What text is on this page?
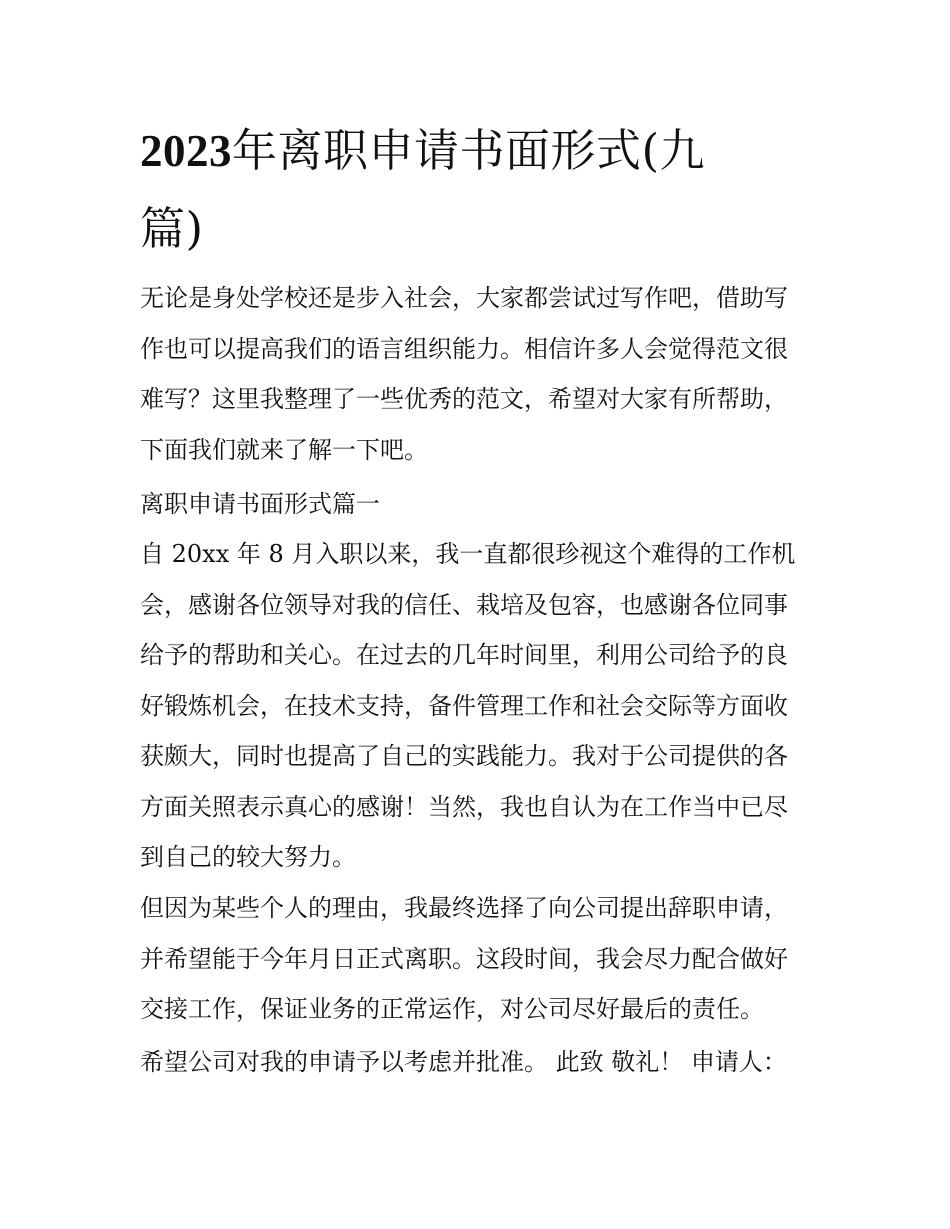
2023年离职申请书面形式(九
篇)

无论是身处学校还是步入社会，大家都尝试过写作吧，借助写
作也可以提高我们的语言组织能力。相信许多人会觉得范文很
难写？这里我整理了一些优秀的范文，希望对大家有所帮助，
下面我们就来了解一下吧。

离职申请书面形式篇一

自 20xx 年 8 月入职以来，我一直都很珍视这个难得的工作机
会，感谢各位领导对我的信任、栽培及包容，也感谢各位同事
给予的帮助和关心。在过去的几年时间里，利用公司给予的良
好锻炼机会，在技术支持，备件管理工作和社会交际等方面收
获颇大，同时也提高了自己的实践能力。我对于公司提供的各
方面关照表示真心的感谢！当然，我也自认为在工作当中已尽
到自己的较大努力。

但因为某些个人的理由，我最终选择了向公司提出辞职申请，
并希望能于今年月日正式离职。这段时间，我会尽力配合做好
交接工作，保证业务的正常运作，对公司尽好最后的责任。

希望公司对我的申请予以考虑并批准。 此致 敬礼！ 申请人：
